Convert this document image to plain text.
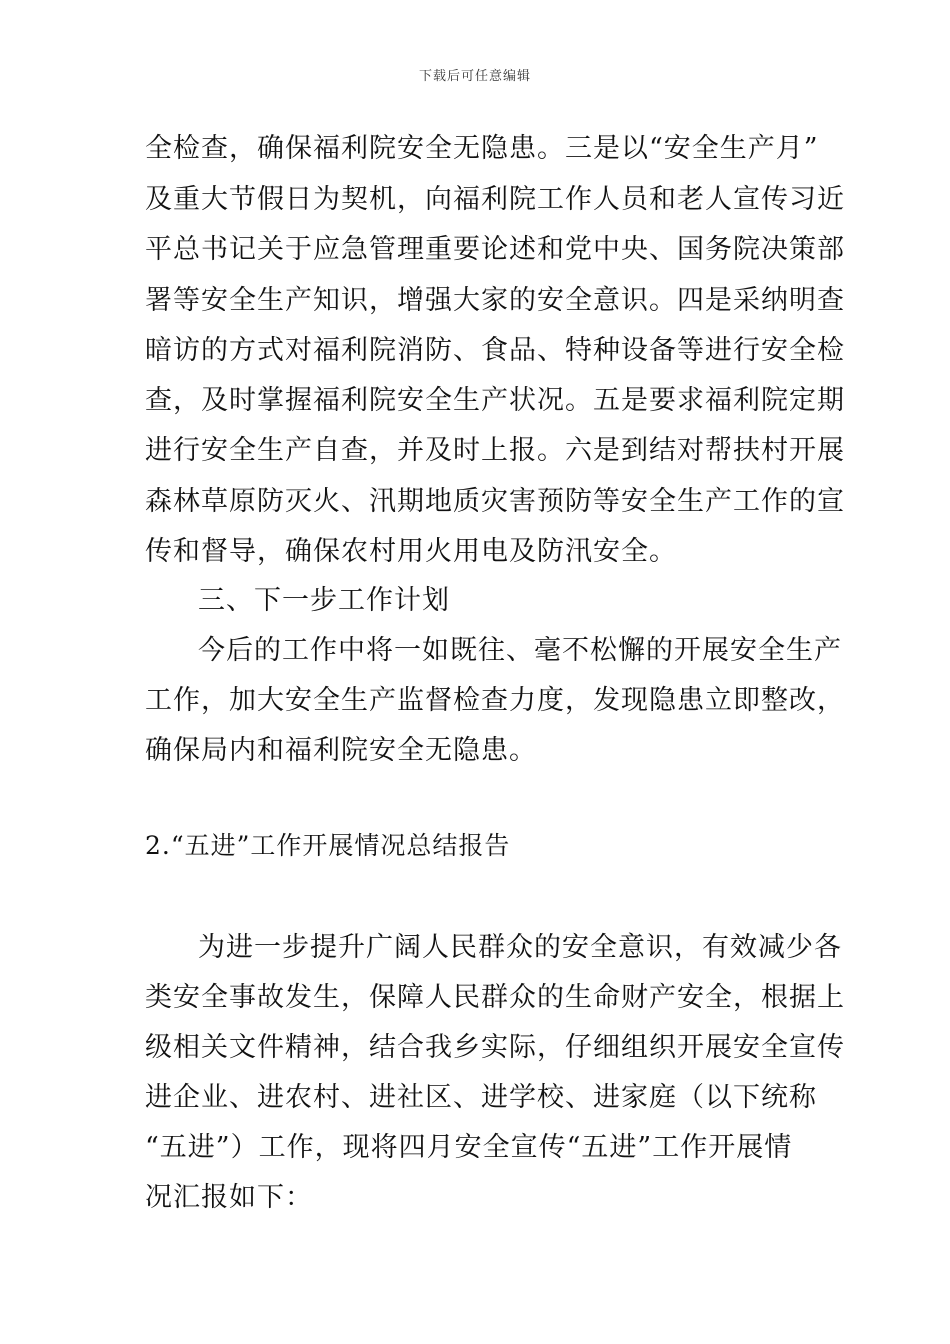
下载后可任意编辑
全检查，确保福利院安全无隐患。三是以“安全生产月”
及重大节假日为契机，向福利院工作人员和老人宣传习近
平总书记关于应急管理重要论述和党中央、国务院决策部
署等安全生产知识，增强大家的安全意识。四是采纳明查
暗访的方式对福利院消防、食品、特种设备等进行安全检
查，及时掌握福利院安全生产状况。五是要求福利院定期
进行安全生产自查，并及时上报。六是到结对帮扶村开展
森林草原防灭火、汛期地质灾害预防等安全生产工作的宣
传和督导，确保农村用火用电及防汛安全。
三、下一步工作计划
今后的工作中将一如既往、毫不松懈的开展安全生产
工作，加大安全生产监督检查力度，发现隐患立即整改，
确保局内和福利院安全无隐患。
2.“五进”工作开展情况总结报告
为进一步提升广阔人民群众的安全意识，有效减少各
类安全事故发生，保障人民群众的生命财产安全，根据上
级相关文件精神，结合我乡实际，仔细组织开展安全宣传
进企业、进农村、进社区、进学校、进家庭（以下统称
“五进”）工作，现将四月安全宣传“五进”工作开展情
况汇报如下：
